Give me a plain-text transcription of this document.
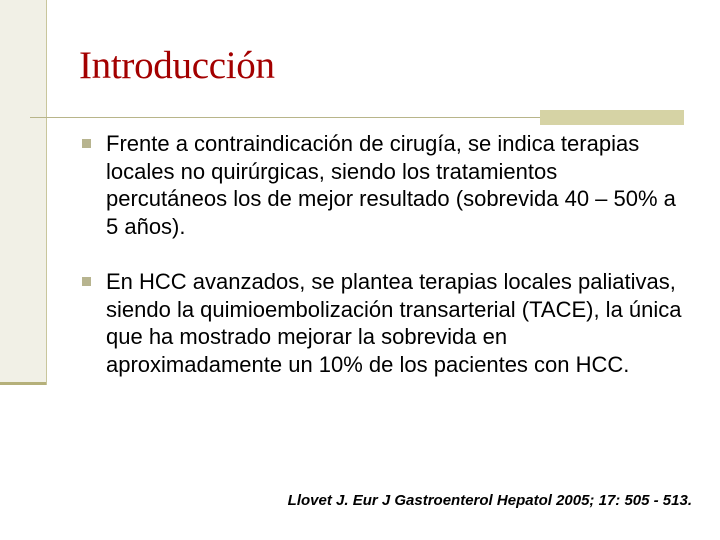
Introducción
Frente a contraindicación de cirugía, se indica terapias locales no quirúrgicas, siendo los tratamientos percutáneos los de mejor resultado (sobrevida 40 – 50% a 5 años).
En HCC avanzados, se plantea terapias locales paliativas, siendo la quimioembolización transarterial (TACE), la única que ha mostrado mejorar la sobrevida en aproximadamente un 10% de los pacientes con HCC.
Llovet J. Eur J Gastroenterol Hepatol 2005; 17: 505 - 513.
